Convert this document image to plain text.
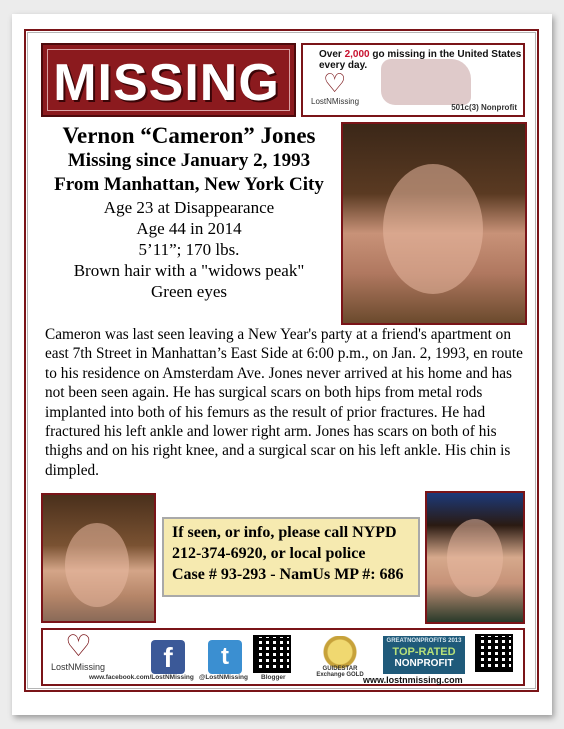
MISSING	Over 2,000 go missing in the United States every day.
♡
LostNMissing
501c(3) Nonprofit
Vernon “Cameron” Jones
Missing since January 2, 1993
From Manhattan, New York City
Age 23 at Disappearance
Age 44 in 2014
5’11”; 170 lbs.
Brown hair with a "widows peak"
Green eyes
Cameron was last seen leaving a New Year's party at a friend's apartment on east 7th Street in Manhattan’s East Side at 6:00 p.m., on Jan. 2, 1993, en route to his residence on Amsterdam Ave. Jones never arrived at his home and has not been seen again. He has surgical scars on both hips from metal rods implanted into both of his femurs as the result of prior fractures. He had fractured his left ankle and lower right arm. Jones has scars on both of his thighs and on his right knee, and a surgical scar on his left ankle. His chin is dimpled.
If seen, or info, please call NYPD
212-374-6920, or local police
Case # 93-293 - NamUs MP #: 686
♡
LostNMissing	f	t	GUIDESTAR Exchange GOLD
GREATNONPROFITS 2013
TOP-RATED
NONPROFIT
www.facebook.com/LostNMissing @LostNMissing Blogger	www.lostnmissing.com
